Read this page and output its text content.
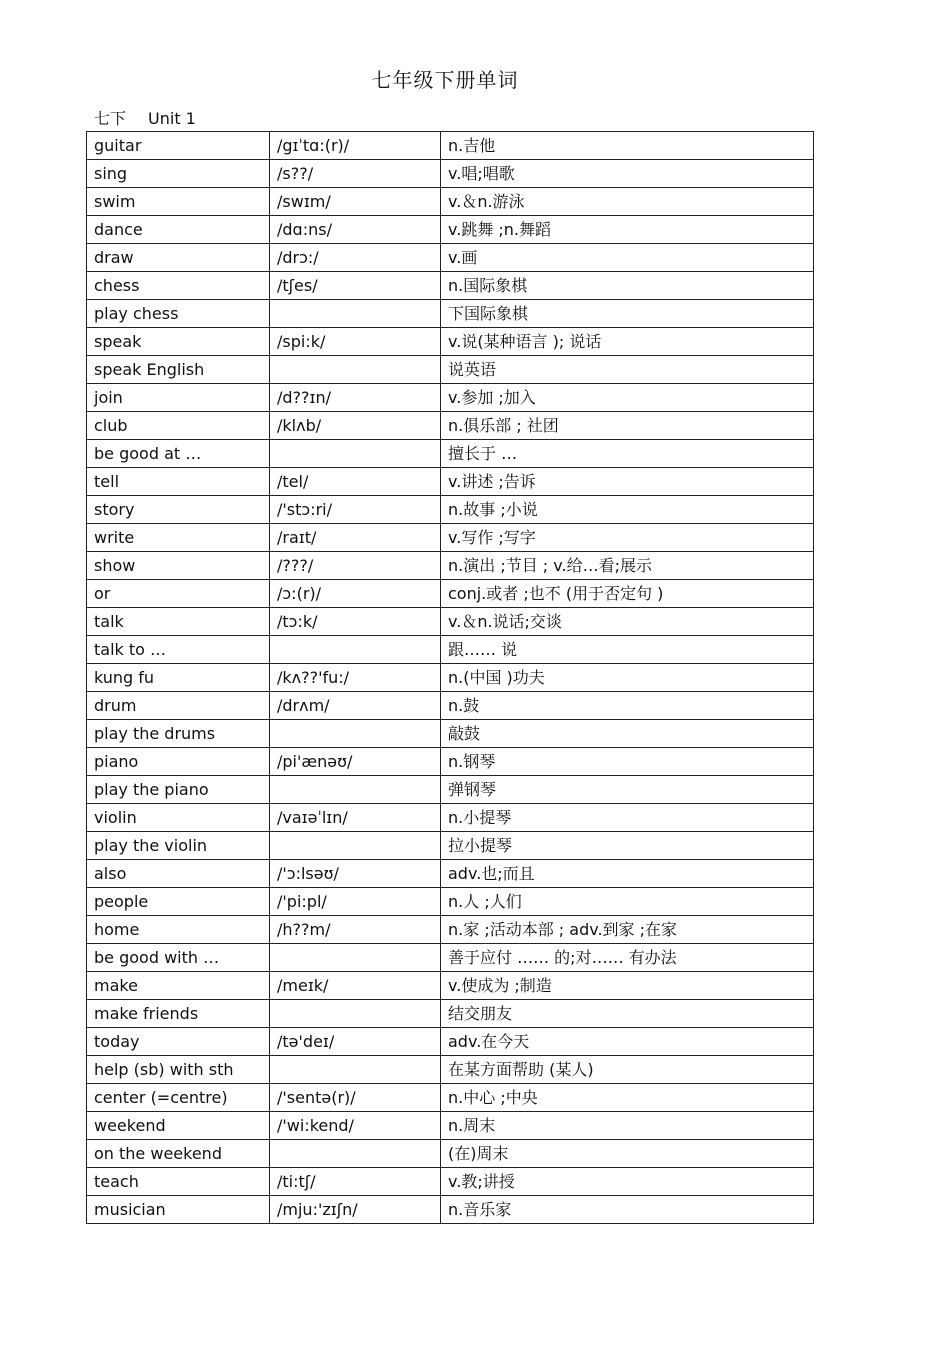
七年级下册单词
七下 Unit 1
guitar	/gɪˈtɑ:(r)/	n.吉他
sing	/s??/	v.唱;唱歌
swim	/swɪm/	v.＆n.游泳
dance	/dɑ:ns/	v.跳舞 ;n.舞蹈
draw	/drɔ:/	v.画
chess	/tʃes/	n.国际象棋
play chess		下国际象棋
speak	/spi:k/	v.说(某种语言 ); 说话
speak English		说英语
join	/d??ɪn/	v.参加 ;加入
club	/klʌb/	n.俱乐部 ; 社团
be good at …		擅长于 …
tell	/tel/	v.讲述 ;告诉
story	/'stɔ:ri/	n.故事 ;小说
write	/raɪt/	v.写作 ;写字
show	/???/	n.演出 ;节目 ; v.给…看;展示
or	/ɔ:(r)/	conj.或者 ;也不 (用于否定句 )
talk	/tɔ:k/	v.＆n.说话;交谈
talk to …		跟…… 说
kung fu	/kʌ??'fu:/	n.(中国 )功夫
drum	/drʌm/	n.鼓
play the drums		敲鼓
piano	/pi'ænəʊ/	n.钢琴
play the piano		弹钢琴
violin	/vaɪəˈlɪn/	n.小提琴
play the violin		拉小提琴
also	/'ɔ:lsəʊ/	adv.也;而且
people	/'pi:pl/	n.人 ;人们
home	/h??m/	n.家 ;活动本部 ; adv.到家 ;在家
be good with …		善于应付 …… 的;对…… 有办法
make	/meɪk/	v.使成为 ;制造
make friends		结交朋友
today	/tə'deɪ/	adv.在今天
help (sb) with sth		在某方面帮助 (某人)
center (=centre)	/'sentə(r)/	n.中心 ;中央
weekend	/'wi:kend/	n.周末
on the weekend		(在)周末
teach	/ti:tʃ/	v.教;讲授
musician	/mju:'zɪʃn/	n.音乐家
